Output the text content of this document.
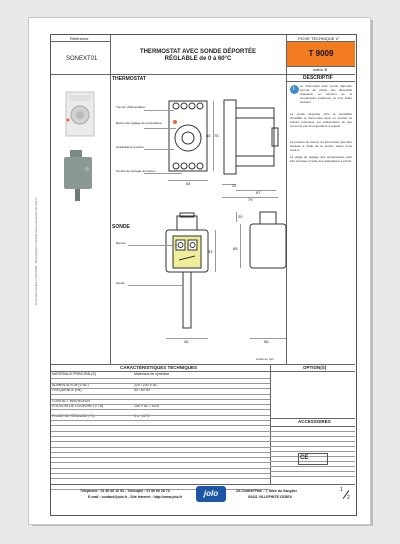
Document réalisé en 01/2009 - Reproduction interdite sans autorisation de JOLO
Référence
SONEXT01
THERMOSTAT AVEC SONDE DÉPORTÉE
RÉGLABLE de 0 à 60°C
FICHE TECHNIQUE n°
T 9009
indice B
DESCRIPTIF
i Le thermostat avec sonde déportée permet de piloter des dispositifs d'aération en fonction de la température extérieure ou d'un fluide ambiant.
La sonde déportée offre la possibilité d'installer le thermostat dans un endroit où l'accès technique est indépendant du lieu concerné par la température à réguler.
La position du bouton du thermostat peut être bloquée à l'aide de la touche située sous celui-ci.
La plage de réglage des températures peut être précisée à l'aide des graduations à points.
THERMOSTAT
Témoin d'alimentation
Bouton de réglage de température
Graduations à points
Touche de blocage du bouton
45 75
54	22
67
79
SONDE
Bornier
Sonde
53
36
20
65
56
Cotes en mm
CARACTÉRISTIQUES TECHNIQUES	OPTION(S)
ACCESSOIRES
MATÉRIAUX PRINCIPAL(S)	Matériaux de synthèse
ALIMENTATION (V AC)	220 / 230 V AC
FRÉQUENCE (Hz)	50 / 60 Hz
CONTACT INVERSEUR
POUVOIR DE COUPURE (V / A)	250 V AC / 16 A
PLAGE DE RÉGLAGE (°C)	0 à +60°C
CE
Téléphone : 01 60 60 10 53 - Télécopie : 01 60 60 26 73
E-mail : contact@jolo.fr - Site Internet : http://www.jolo.fr	jolo	ZA Central Parc - 7, allée du Sanglier
93421 VILLEPINTE CEDEX
1
2
